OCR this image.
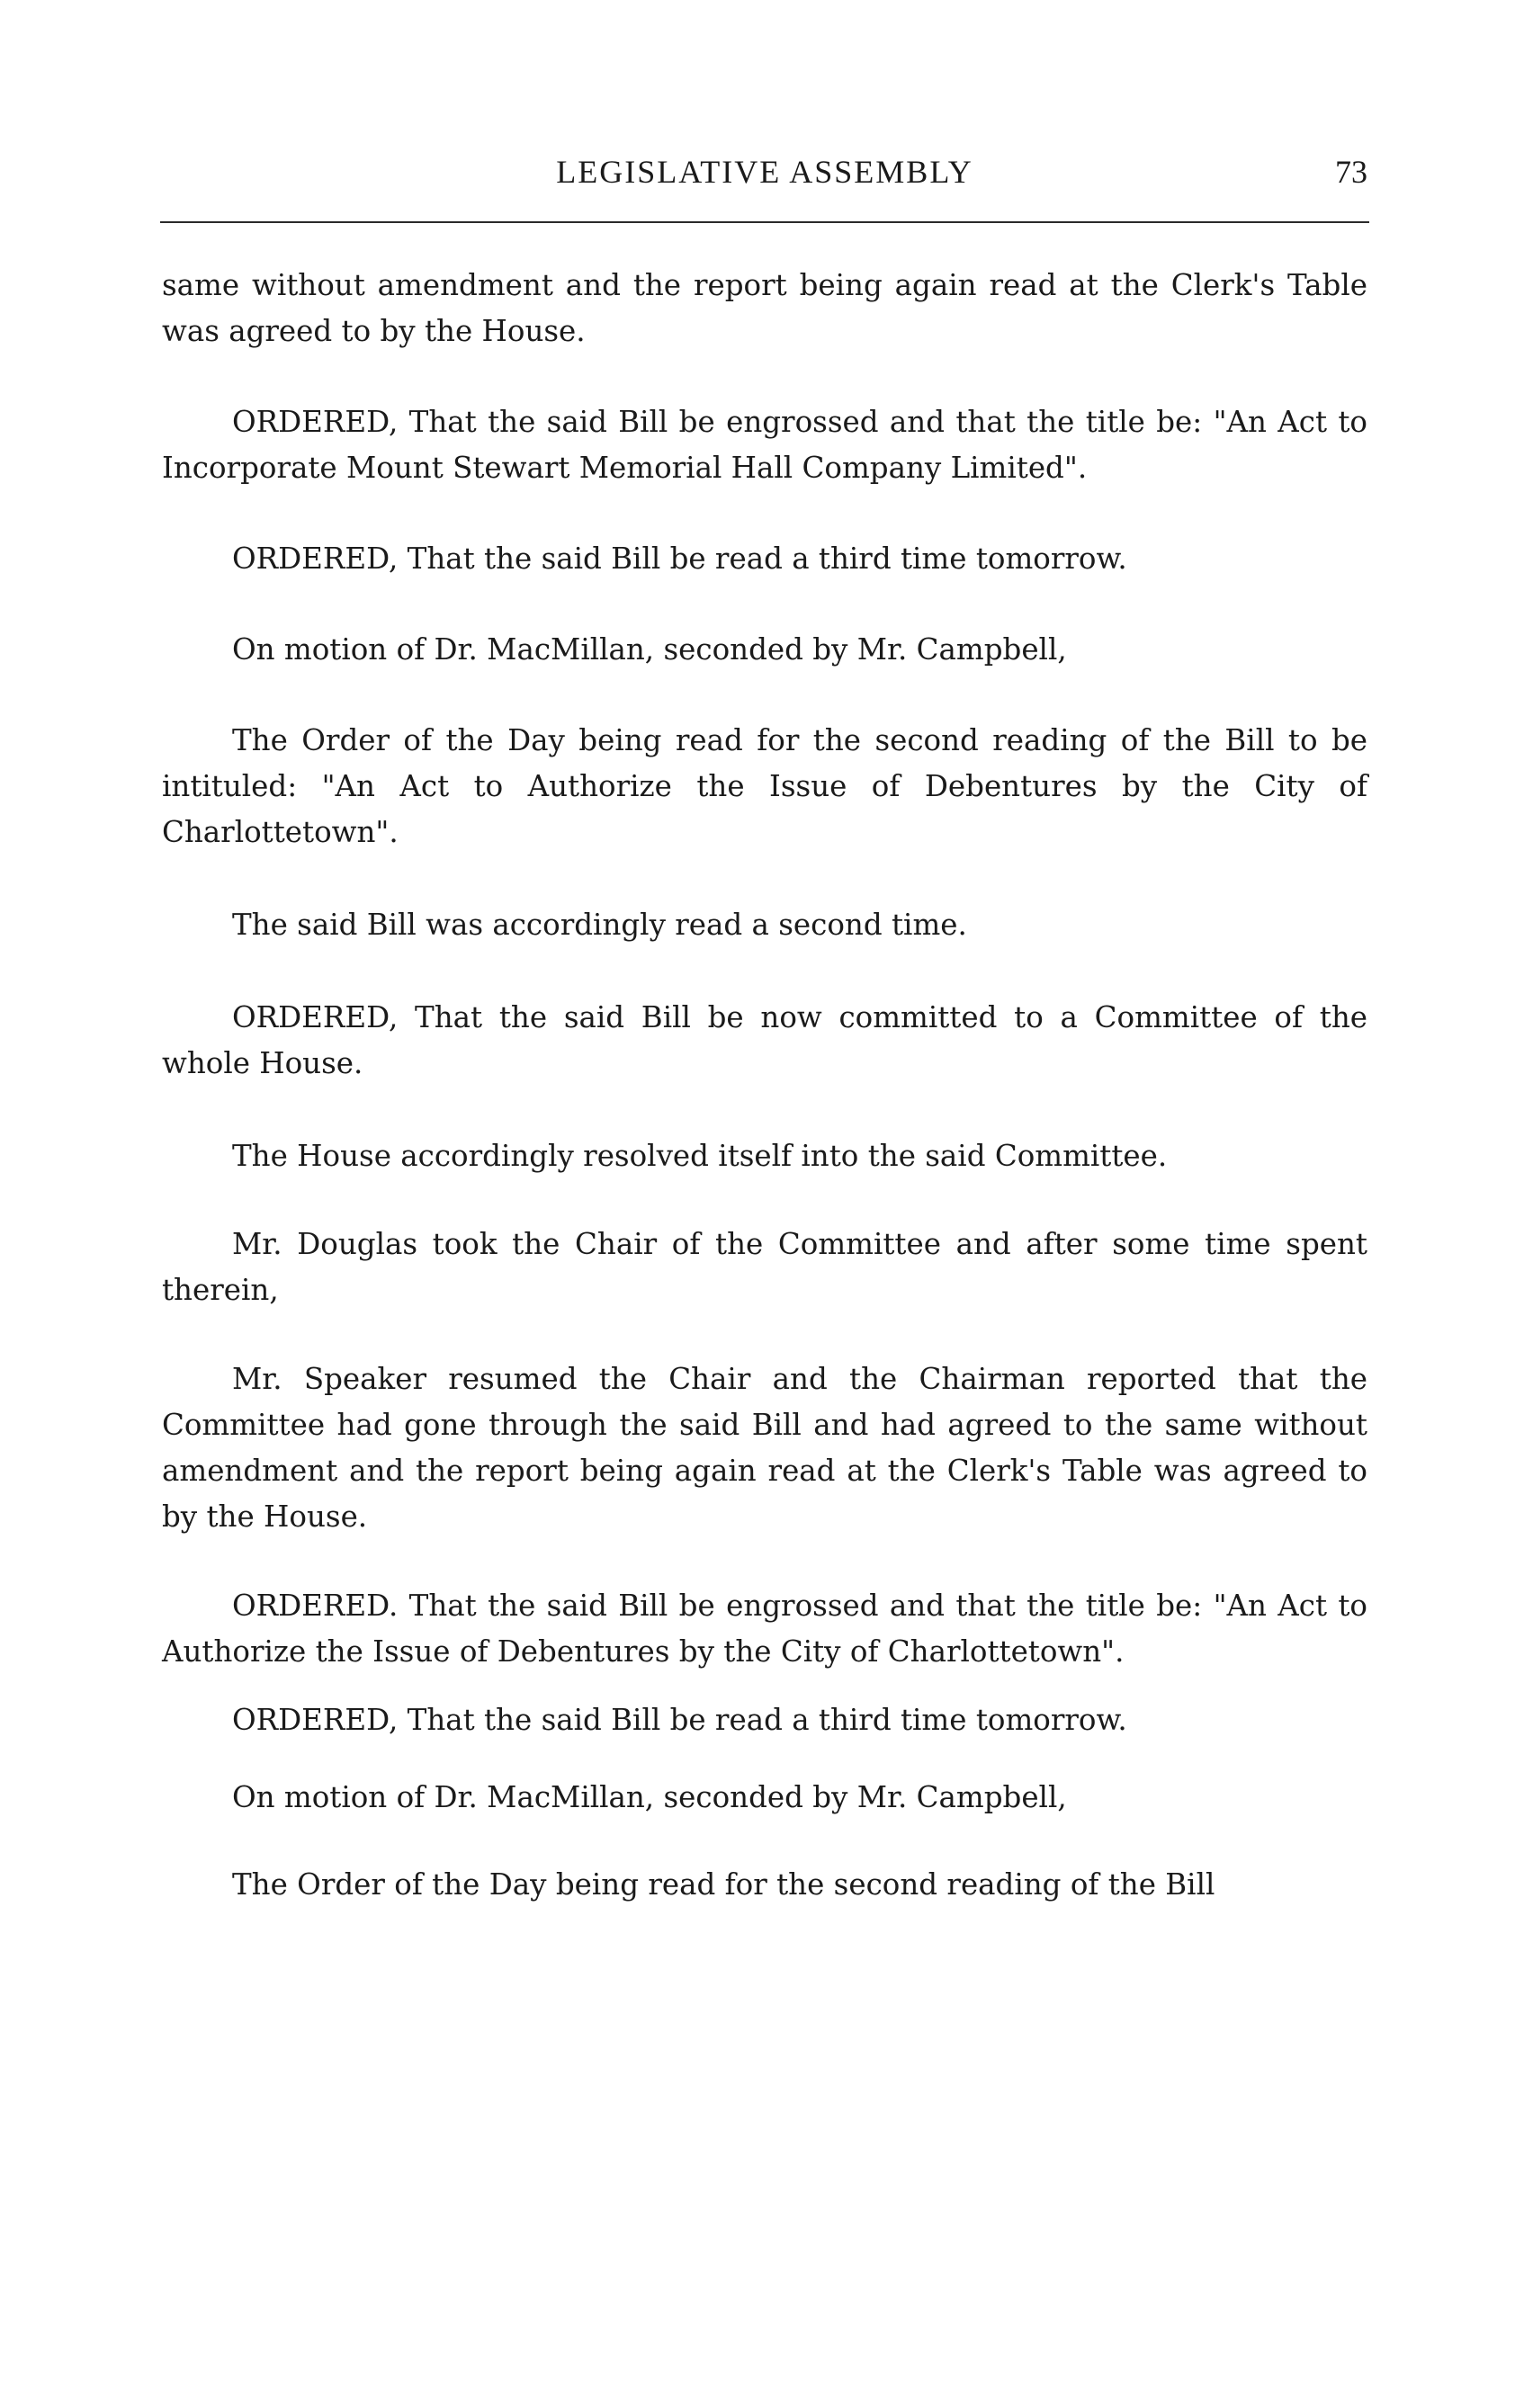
LEGISLATIVE ASSEMBLY	73

same without amendment and the report being again read at the Clerk's Table was agreed to by the House.

ORDERED, That the said Bill be engrossed and that the title be: "An Act to Incorporate Mount Stewart Memorial Hall Company Limited".

ORDERED, That the said Bill be read a third time tomorrow.

On motion of Dr. MacMillan, seconded by Mr. Campbell,

The Order of the Day being read for the second reading of the Bill to be intituled: "An Act to Authorize the Issue of Debentures by the City of Charlottetown".

The said Bill was accordingly read a second time.

ORDERED, That the said Bill be now committed to a Committee of the whole House.

The House accordingly resolved itself into the said Committee.

Mr. Douglas took the Chair of the Committee and after some time spent therein,

Mr. Speaker resumed the Chair and the Chairman reported that the Committee had gone through the said Bill and had agreed to the same without amendment and the report being again read at the Clerk's Table was agreed to by the House.

ORDERED. That the said Bill be engrossed and that the title be: "An Act to Authorize the Issue of Debentures by the City of Charlottetown".

ORDERED, That the said Bill be read a third time tomorrow.

On motion of Dr. MacMillan, seconded by Mr. Campbell,

The Order of the Day being read for the second reading of the Bill
